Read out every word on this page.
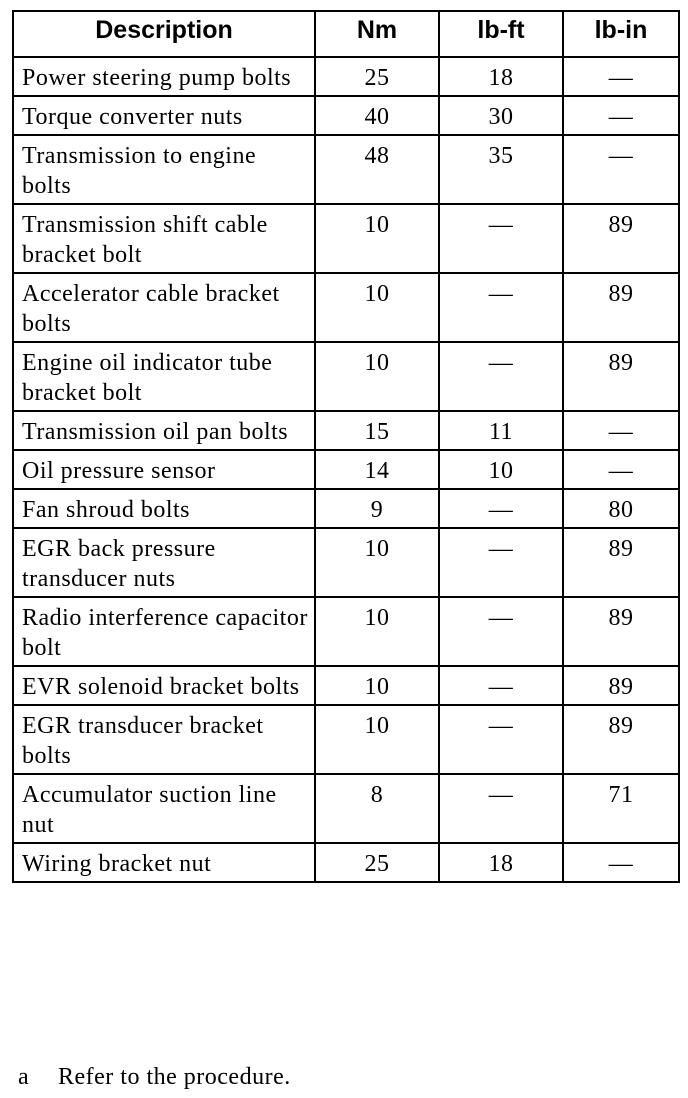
Description	Nm	lb-ft	lb-in
Power steering pump bolts	25	18	—
Torque converter nuts	40	30	—
Transmission to engine bolts	48	35	—
Transmission shift cable bracket bolt	10	—	89
Accelerator cable bracket bolts	10	—	89
Engine oil indicator tube bracket bolt	10	—	89
Transmission oil pan bolts	15	11	—
Oil pressure sensor	14	10	—
Fan shroud bolts	9	—	80
EGR back pressure transducer nuts	10	—	89
Radio interference capacitor bolt	10	—	89
EVR solenoid bracket bolts	10	—	89
EGR transducer bracket bolts	10	—	89
Accumulator suction line nut	8	—	71
Wiring bracket nut	25	18	—
a Refer to the procedure.
